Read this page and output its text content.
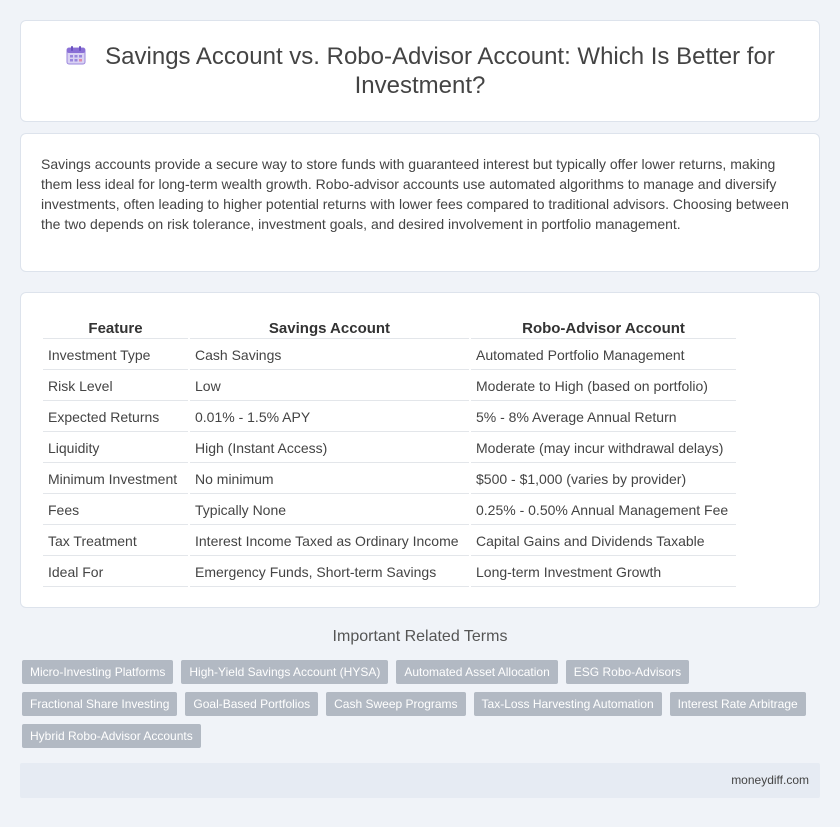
Savings Account vs. Robo-Advisor Account: Which Is Better for Investment?

Savings accounts provide a secure way to store funds with guaranteed interest but typically offer lower returns, making them less ideal for long-term wealth growth. Robo-advisor accounts use automated algorithms to manage and diversify investments, often leading to higher potential returns with lower fees compared to traditional advisors. Choosing between the two depends on risk tolerance, investment goals, and desired involvement in portfolio management.

Feature	Savings Account	Robo-Advisor Account
Investment Type	Cash Savings	Automated Portfolio Management
Risk Level	Low	Moderate to High (based on portfolio)
Expected Returns	0.01% - 1.5% APY	5% - 8% Average Annual Return
Liquidity	High (Instant Access)	Moderate (may incur withdrawal delays)
Minimum Investment	No minimum	$500 - $1,000 (varies by provider)
Fees	Typically None	0.25% - 0.50% Annual Management Fee
Tax Treatment	Interest Income Taxed as Ordinary Income	Capital Gains and Dividends Taxable
Ideal For	Emergency Funds, Short-term Savings	Long-term Investment Growth
Important Related Terms
Micro-Investing Platforms	High-Yield Savings Account (HYSA)	Automated Asset Allocation	ESG Robo-Advisors
Fractional Share Investing	Goal-Based Portfolios	Cash Sweep Programs	Tax-Loss Harvesting Automation	Interest Rate Arbitrage
Hybrid Robo-Advisor Accounts
moneydiff.com
